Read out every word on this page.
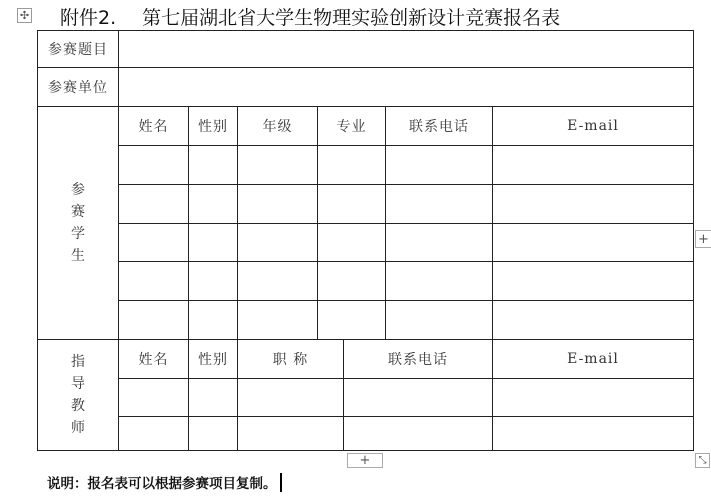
✣ 附件2. 第七届湖北省大学生物理实验创新设计竞赛报名表
参赛题目
参赛单位
参
赛
学
生
姓名	性别	年级	专业	联系电话	E-mail
指
导
教
师
姓名	性别	职 称	联系电话	E-mail
+
+	⤡
说明：报名表可以根据参赛项目复制。
